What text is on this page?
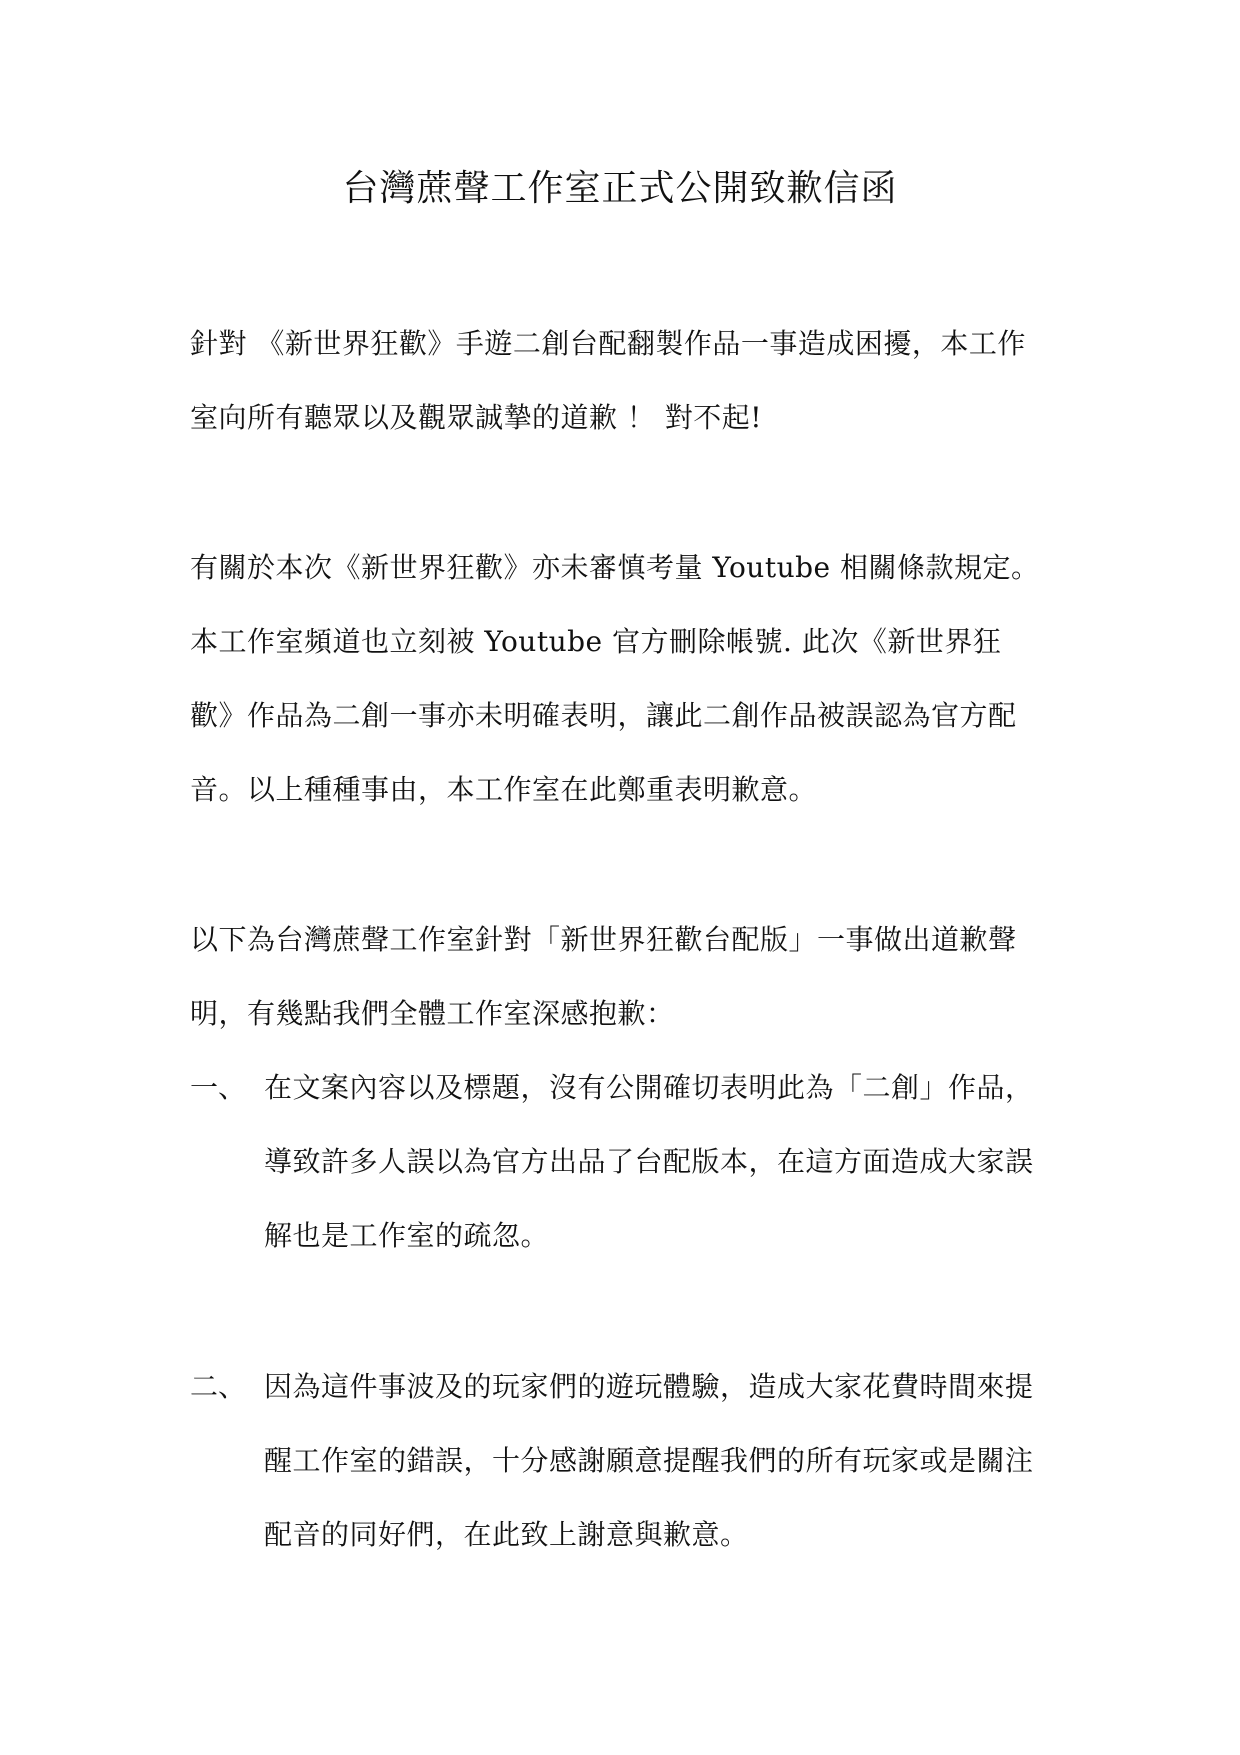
台灣蔗聲工作室正式公開致歉信函
針對 《新世界狂歡》手遊二創台配翻製作品一事造成困擾，本工作
室向所有聽眾以及觀眾誠摯的道歉 ！ 對不起!
有關於本次《新世界狂歡》亦未審慎考量 Youtube 相關條款規定。
本工作室頻道也立刻被 Youtube 官方刪除帳號. 此次《新世界狂
歡》作品為二創一事亦未明確表明，讓此二創作品被誤認為官方配
音。以上種種事由，本工作室在此鄭重表明歉意。
以下為台灣蔗聲工作室針對「新世界狂歡台配版」一事做出道歉聲
明，有幾點我們全體工作室深感抱歉：
一、 在文案內容以及標題，沒有公開確切表明此為「二創」作品，
導致許多人誤以為官方出品了台配版本，在這方面造成大家誤
解也是工作室的疏忽。
二、 因為這件事波及的玩家們的遊玩體驗，造成大家花費時間來提
醒工作室的錯誤，十分感謝願意提醒我們的所有玩家或是關注
配音的同好們，在此致上謝意與歉意。
